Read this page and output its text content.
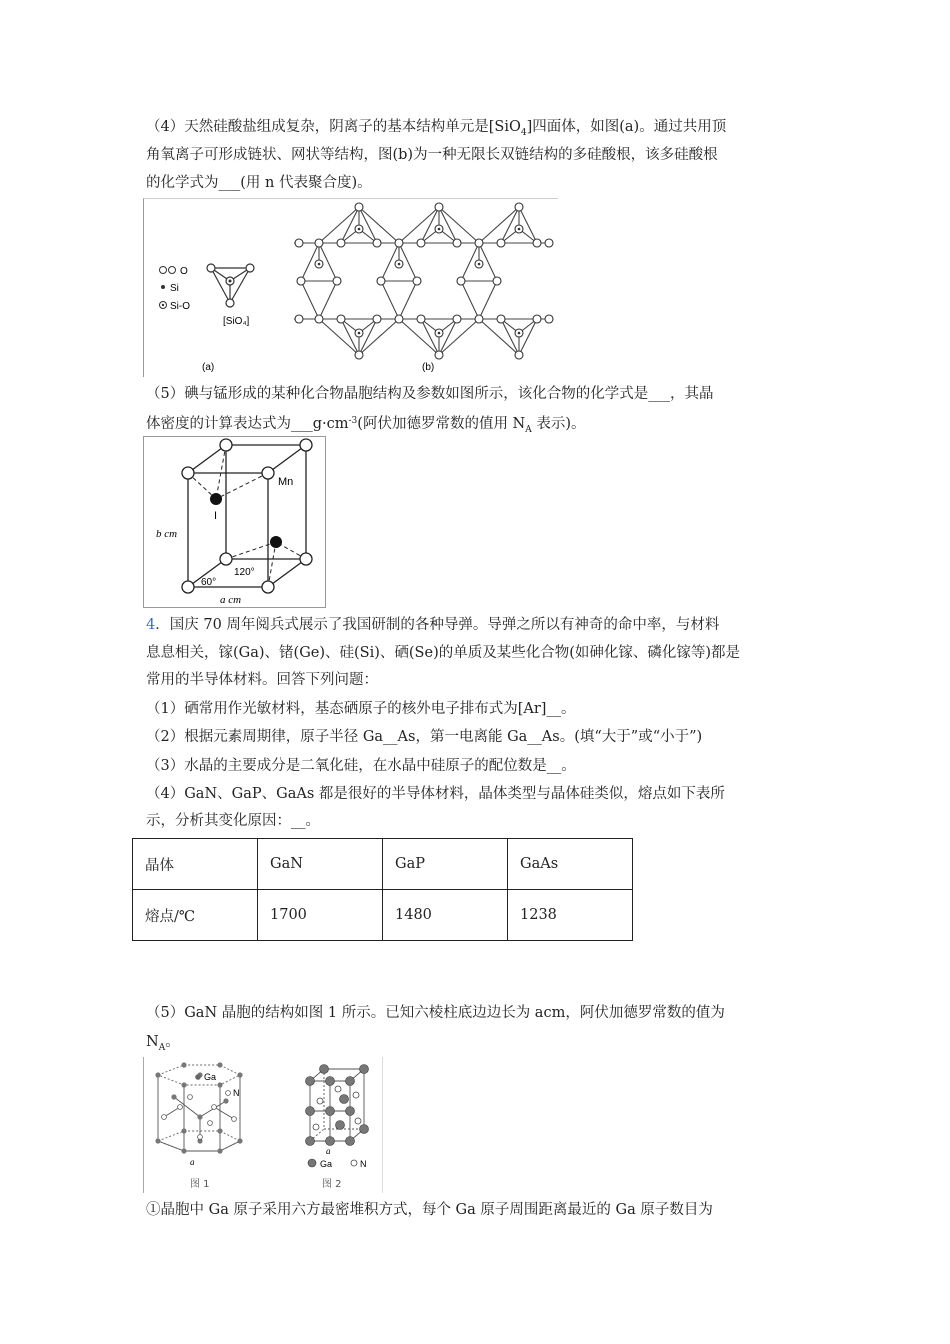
（4）天然硅酸盐组成复杂，阴离子的基本结构单元是[SiO$_4$]四面体，如图(a)。通过共用顶
角氧离子可形成链状、网状等结构，图(b)为一种无限长双链结构的多硅酸根，该多硅酸根
的化学式为___(用 n 代表聚合度)。
O
Si
Si-O
[SiO₄]
(a)	(b)
（5）碘与锰形成的某种化合物晶胞结构及参数如图所示，该化合物的化学式是___，其晶
体密度的计算表达式为$\_\_\_g\cdot cm^{-3}$(阿伏加德罗常数的值用 $N_A$ 表示)。
Mn
I
b cm
a cm
60°
120°
4．国庆 70 周年阅兵式展示了我国研制的各种导弹。导弹之所以有神奇的命中率，与材料
息息相关，镓(Ga)、锗(Ge)、硅(Si)、硒(Se)的单质及某些化合物(如砷化镓、磷化镓等)都是
常用的半导体材料。回答下列问题：
（1）硒常用作光敏材料，基态硒原子的核外电子排布式为[Ar]__。
（2）根据元素周期律，原子半径 Ga__As，第一电离能 Ga__As。(填“大于”或“小于”)
（3）水晶的主要成分是二氧化硅，在水晶中硅原子的配位数是__。
（4）GaN、GaP、GaAs 都是很好的半导体材料，晶体类型与晶体硅类似，熔点如下表所
示，分析其变化原因：__。
晶体	GaN	GaP	GaAs
熔点/℃	1700	1480	1238
（5）GaN 晶胞的结构如图 1 所示。已知六棱柱底边边长为 acm，阿伏加德罗常数的值为
$N_A$。
Ga
N
a
图 1
a
Ga	N
图 2
①晶胞中 Ga 原子采用六方最密堆积方式，每个 Ga 原子周围距离最近的 Ga 原子数目为
